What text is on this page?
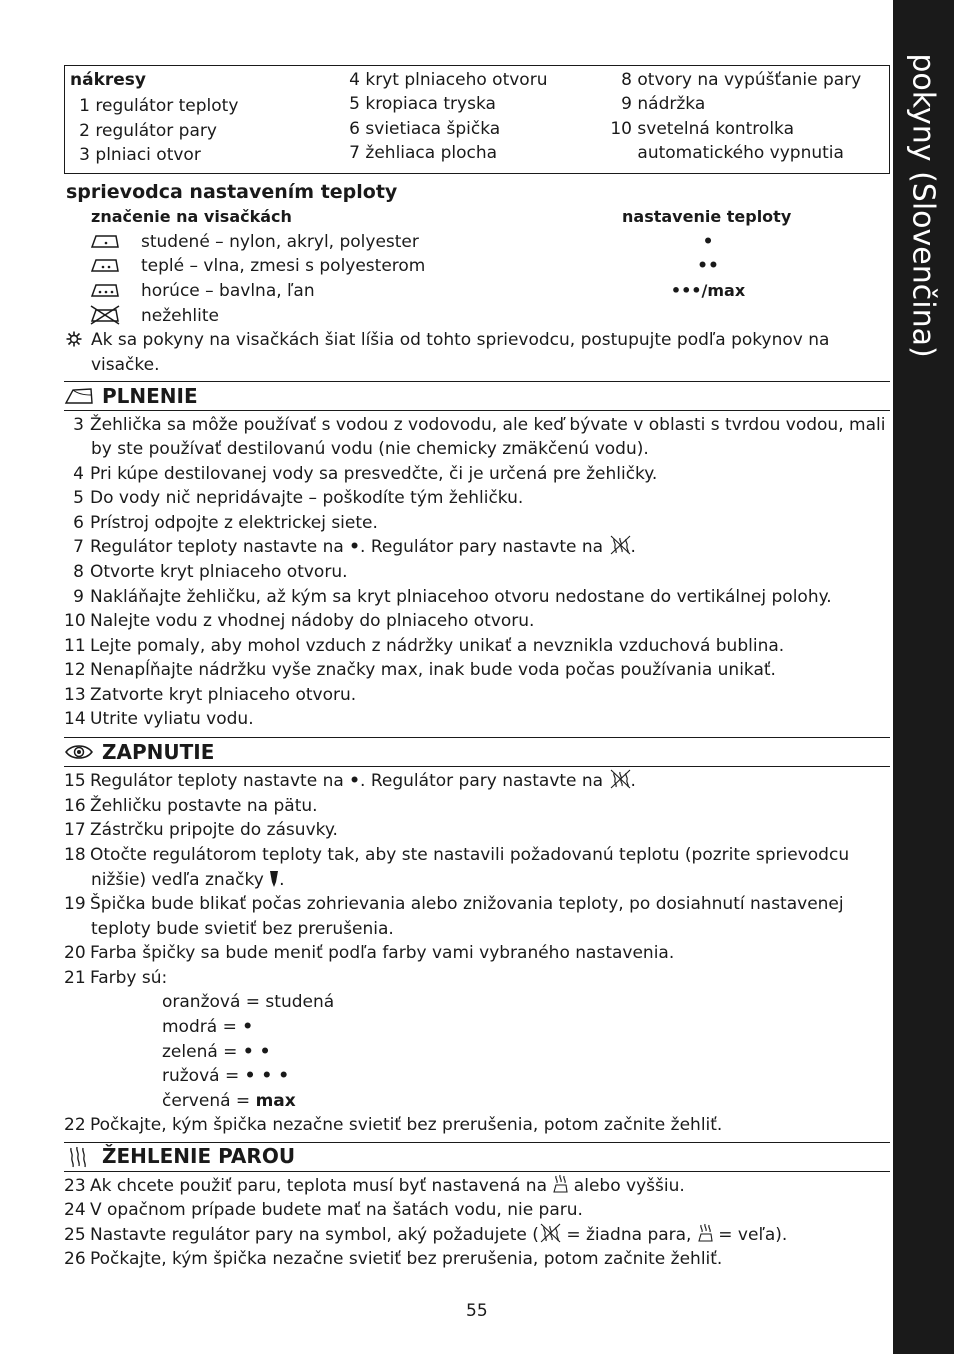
pokyny (Slovenčina)
nákresy
1 regulátor teploty
2 regulátor pary
3 plniaci otvor
4 kryt plniaceho otvoru
5 kropiaca tryska
6 svietiaca špička
7 žehliaca plocha
8 otvory na vypúšťanie pary
9 nádržka
10 svetelná kontrolka
automatického vypnutia
sprievodca nastavením teploty
značenie na visačkách	nastavenie teploty
studené – nylon, akryl, polyester
teplé – vlna, zmesi s polyesterom
horúce – bavlna, ľan
nežehlite
•
••
•••/max
Ak sa pokyny na visačkách šiat líšia od tohto sprievodcu, postupujte podľa pokynov na
visačke.
PLNENIE
3 Žehlička sa môže používať s vodou z vodovodu, ale keď bývate v oblasti s tvrdou vodou, mali
by ste používať destilovanú vodu (nie chemicky zmäkčenú vodu).
4 Pri kúpe destilovanej vody sa presvedčte, či je určená pre žehličky.
5 Do vody nič nepridávajte – poškodíte tým žehličku.
6 Prístroj odpojte z elektrickej siete.
7 Regulátor teploty nastavte na •. Regulátor pary nastavte na
.
8 Otvorte kryt plniaceho otvoru.
9 Nakláňajte žehličku, až kým sa kryt plniacehoo otvoru nedostane do vertikálnej polohy.
10 Nalejte vodu z vhodnej nádoby do plniaceho otvoru.
11 Lejte pomaly, aby mohol vzduch z nádržky unikať a nevznikla vzduchová bublina.
12 Nenapĺňajte nádržku vyše značky max, inak bude voda počas používania unikať.
13 Zatvorte kryt plniaceho otvoru.
14 Utrite vyliatu vodu.
ZAPNUTIE
15 Regulátor teploty nastavte na •. Regulátor pary nastavte na
.
16 Žehličku postavte na pätu.
17 Zástrčku pripojte do zásuvky.
18 Otočte regulátorom teploty tak, aby ste nastavili požadovanú teplotu (pozrite sprievodcu
nižšie) vedľa značky .
19 Špička bude blikať počas zohrievania alebo znižovania teploty, po dosiahnutí nastavenej
teploty bude svietiť bez prerušenia.
20 Farba špičky sa bude meniť podľa farby vami vybraného nastavenia.
21 Farby sú:
oranžová = studená
modrá = •
zelená = • •
ružová = • • •
červená = max
22 Počkajte, kým špička nezačne svietiť bez prerušenia, potom začnite žehliť.
ŽEHLENIE PAROU
23 Ak chcete použiť paru, teplota musí byť nastavená na
alebo vyššiu.
24 V opačnom prípade budete mať na šatách vodu, nie paru.
25 Nastavte regulátor pary na symbol, aký požadujete (
= žiadna para,
= veľa).
26 Počkajte, kým špička nezačne svietiť bez prerušenia, potom začnite žehliť.
55
